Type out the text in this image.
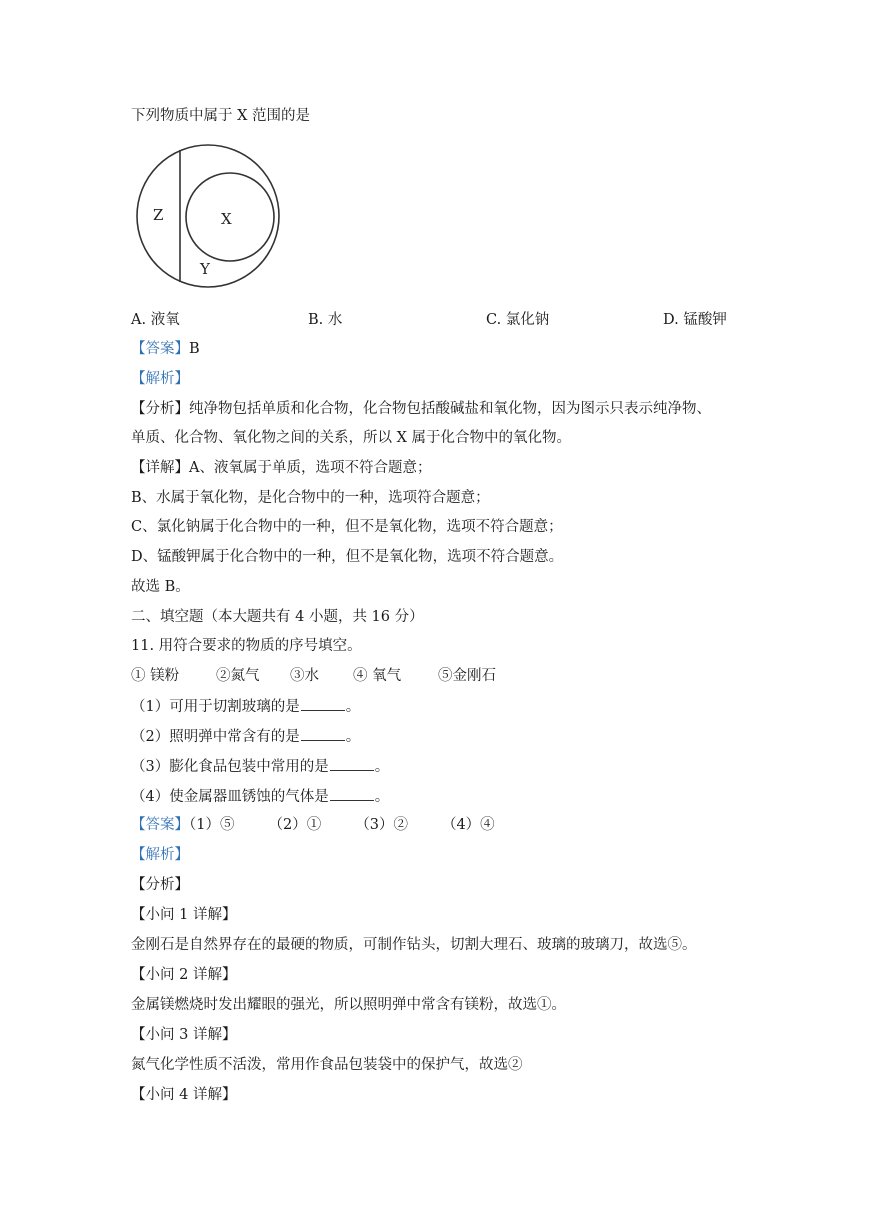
下列物质中属于 X 范围的是
Z	X
Y
A. 液氧	B. 水	C. 氯化钠	D. 锰酸钾
【答案】B
【解析】
【分析】纯净物包括单质和化合物，化合物包括酸碱盐和氧化物，因为图示只表示纯净物、
单质、化合物、氧化物之间的关系，所以 X 属于化合物中的氧化物。
【详解】A、液氧属于单质，选项不符合题意；
B、水属于氧化物，是化合物中的一种，选项符合题意；
C、氯化钠属于化合物中的一种，但不是氧化物，选项不符合题意；
D、锰酸钾属于化合物中的一种，但不是氧化物，选项不符合题意。
故选 B。
二、填空题（本大题共有 4 小题，共 16 分）
11. 用符合要求的物质的序号填空。
① 镁粉	②氮气 ③水 ④ 氧气	⑤金刚石
（1）可用于切割玻璃的是	。
（2）照明弹中常含有的是	。
（3）膨化食品包装中常用的是	。
（4）使金属器皿锈蚀的气体是	。
【答案】（1）⑤ （2）① （3）② （4）④
【解析】
【分析】
【小问 1 详解】
金刚石是自然界存在的最硬的物质，可制作钻头，切割大理石、玻璃的玻璃刀，故选⑤。
【小问 2 详解】
金属镁燃烧时发出耀眼的强光，所以照明弹中常含有镁粉，故选①。
【小问 3 详解】
氮气化学性质不活泼，常用作食品包装袋中的保护气，故选②
【小问 4 详解】
